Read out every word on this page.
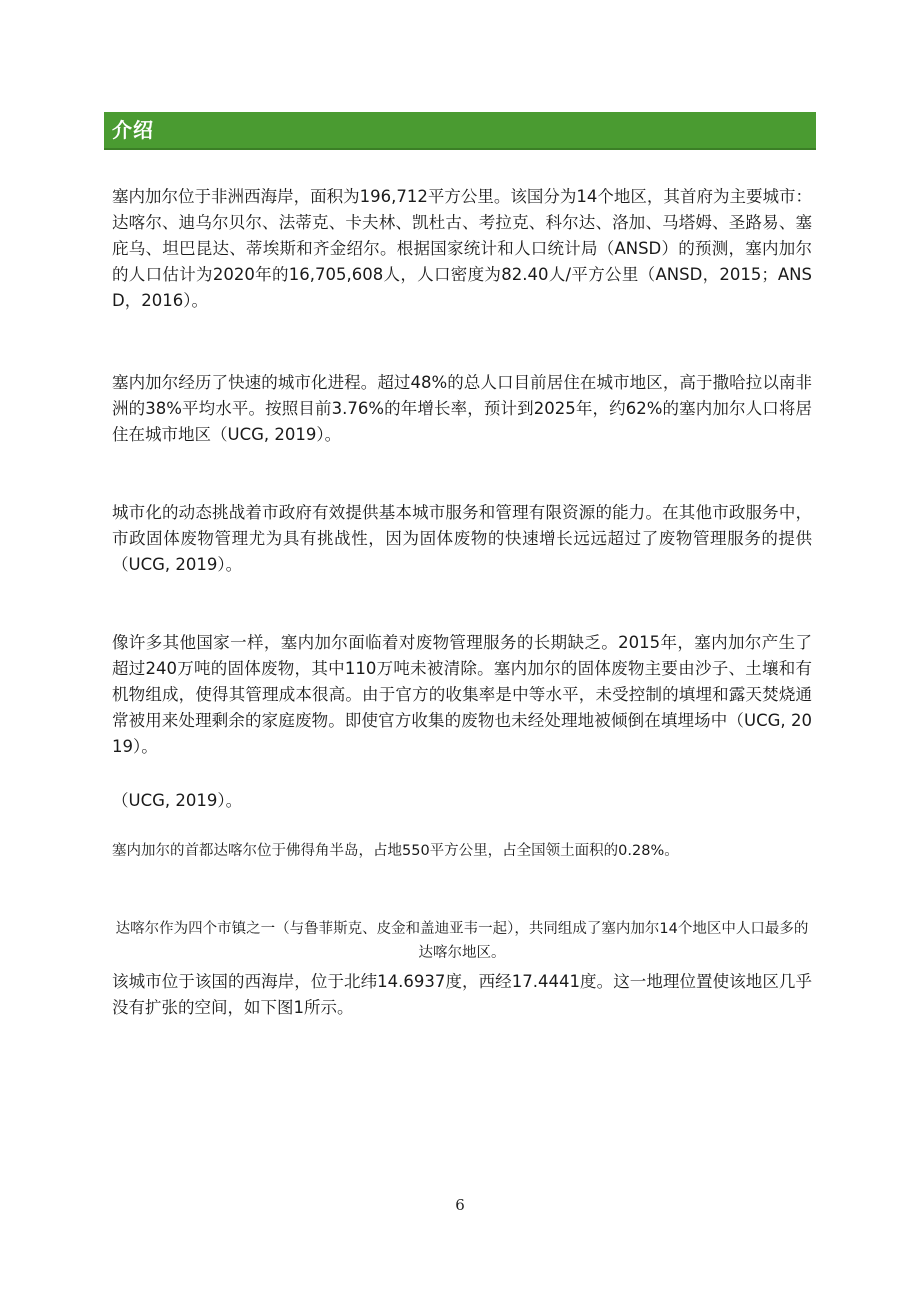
介绍

塞内加尔位于非洲西海岸，面积为196,712平方公里。该国分为14个地区，其首府为主要城市：达喀尔、迪乌尔贝尔、法蒂克、卡夫林、凯杜古、考拉克、科尔达、洛加、马塔姆、圣路易、塞庇乌、坦巴昆达、蒂埃斯和齐金绍尔。根据国家统计和人口统计局（ANSD）的预测，塞内加尔的人口估计为2020年的16,705,608人，人口密度为82.40人/平方公里（ANSD，2015；ANSD，2016）。

塞内加尔经历了快速的城市化进程。超过48%的总人口目前居住在城市地区，高于撒哈拉以南非洲的38%平均水平。按照目前3.76%的年增长率，预计到2025年，约62%的塞内加尔人口将居住在城市地区（UCG, 2019）。

城市化的动态挑战着市政府有效提供基本城市服务和管理有限资源的能力。在其他市政服务中，市政固体废物管理尤为具有挑战性，因为固体废物的快速增长远远超过了废物管理服务的提供（UCG, 2019）。

像许多其他国家一样，塞内加尔面临着对废物管理服务的长期缺乏。2015年，塞内加尔产生了超过240万吨的固体废物，其中110万吨未被清除。塞内加尔的固体废物主要由沙子、土壤和有机物组成，使得其管理成本很高。由于官方的收集率是中等水平，未受控制的填埋和露天焚烧通常被用来处理剩余的家庭废物。即使官方收集的废物也未经处理地被倾倒在填埋场中（UCG, 2019）。

（UCG, 2019）。

塞内加尔的首都达喀尔位于佛得角半岛，占地550平方公里，占全国领土面积的0.28%。

达喀尔作为四个市镇之一（与鲁菲斯克、皮金和盖迪亚韦一起），共同组成了塞内加尔14个地区中人口最多的达喀尔地区。

该城市位于该国的西海岸，位于北纬14.6937度，西经17.4441度。这一地理位置使该地区几乎没有扩张的空间，如下图1所示。

6
